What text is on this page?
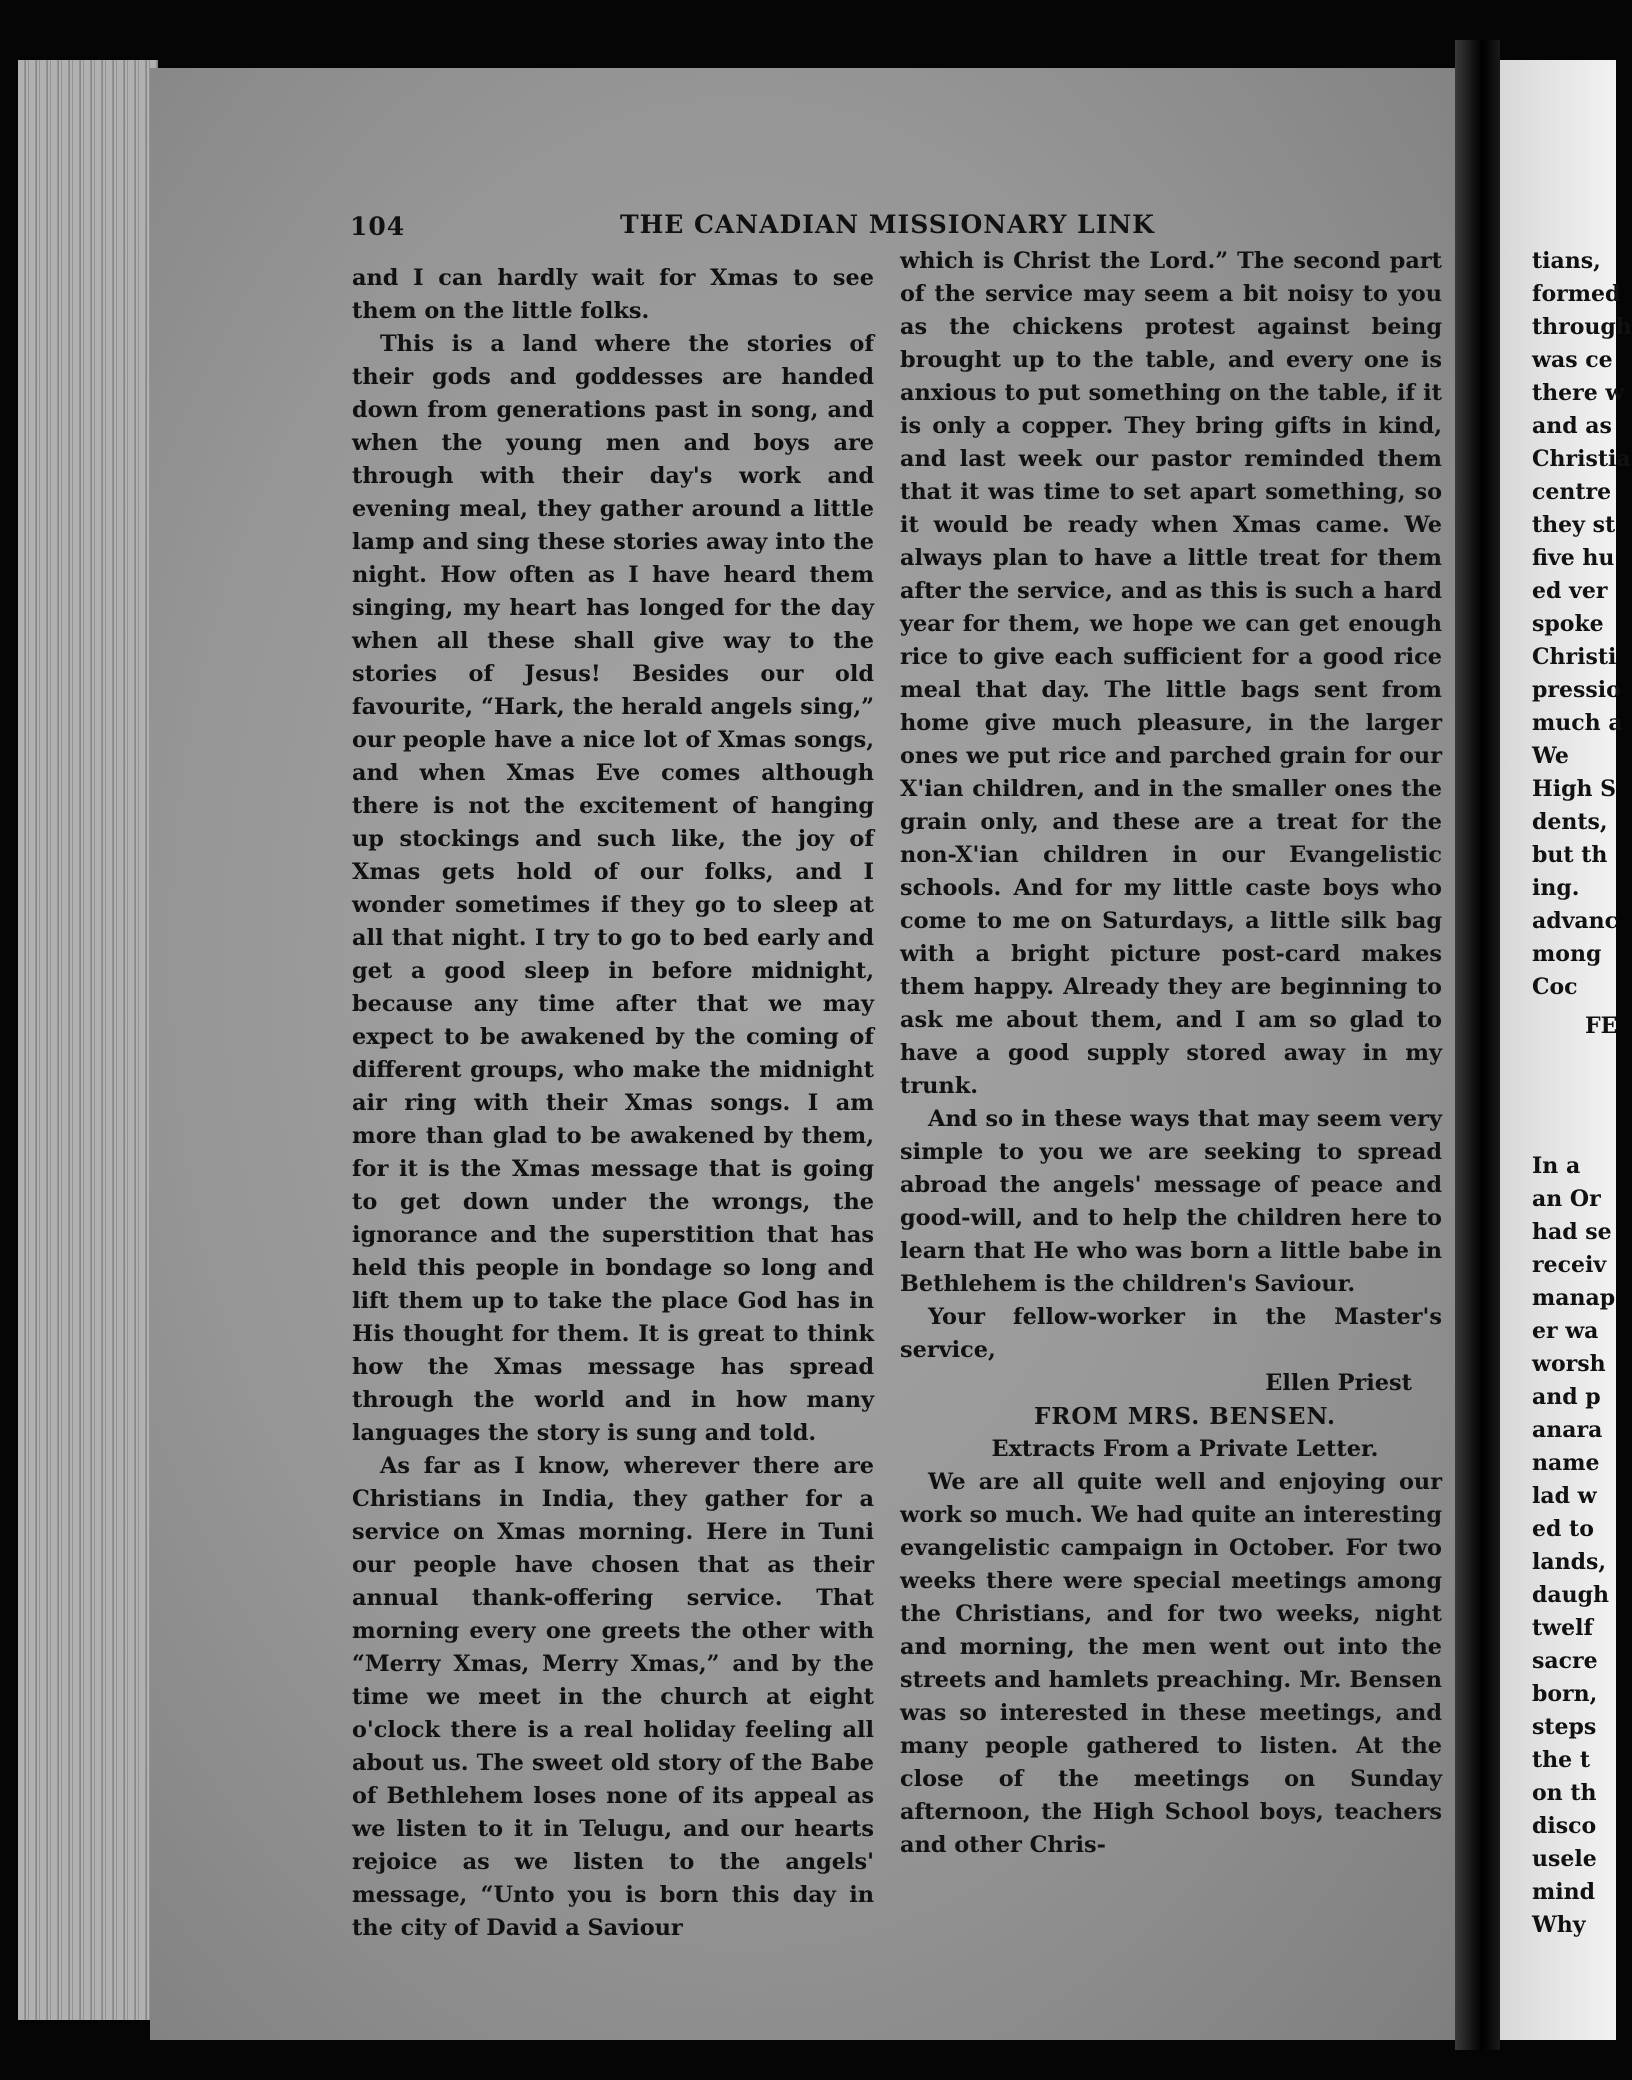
104	THE CANADIAN MISSIONARY LINK

and I can hardly wait for Xmas to see them on the little folks.

This is a land where the stories of their gods and goddesses are handed down from generations past in song, and when the young men and boys are through with their day's work and evening meal, they gather around a little lamp and sing these stories away into the night. How often as I have heard them singing, my heart has longed for the day when all these shall give way to the stories of Jesus! Besides our old favourite, “Hark, the herald angels sing,” our people have a nice lot of Xmas songs, and when Xmas Eve comes although there is not the excitement of hanging up stockings and such like, the joy of Xmas gets hold of our folks, and I wonder sometimes if they go to sleep at all that night. I try to go to bed early and get a good sleep in before midnight, because any time after that we may expect to be awakened by the coming of different groups, who make the midnight air ring with their Xmas songs. I am more than glad to be awakened by them, for it is the Xmas message that is going to get down under the wrongs, the ignorance and the superstition that has held this people in bondage so long and lift them up to take the place God has in His thought for them. It is great to think how the Xmas message has spread through the world and in how many languages the story is sung and told.

As far as I know, wherever there are Christians in India, they gather for a service on Xmas morning. Here in Tuni our people have chosen that as their annual thank-offering service. That morning every one greets the other with “Merry Xmas, Merry Xmas,” and by the time we meet in the church at eight o'clock there is a real holiday feeling all about us. The sweet old story of the Babe of Bethlehem loses none of its appeal as we listen to it in Telugu, and our hearts rejoice as we listen to the angels' message, “Unto you is born this day in the city of David a Saviour

which is Christ the Lord.” The second part of the service may seem a bit noisy to you as the chickens protest against being brought up to the table, and every one is anxious to put something on the table, if it is only a copper. They bring gifts in kind, and last week our pastor reminded them that it was time to set apart something, so it would be ready when Xmas came. We always plan to have a little treat for them after the service, and as this is such a hard year for them, we hope we can get enough rice to give each sufficient for a good rice meal that day. The little bags sent from home give much pleasure, in the larger ones we put rice and parched grain for our X'ian children, and in the smaller ones the grain only, and these are a treat for the non-X'ian children in our Evangelistic schools. And for my little caste boys who come to me on Saturdays, a little silk bag with a bright picture post-card makes them happy. Already they are beginning to ask me about them, and I am so glad to have a good supply stored away in my trunk.

And so in these ways that may seem very simple to you we are seeking to spread abroad the angels' message of peace and good-will, and to help the children here to learn that He who was born a little babe in Bethlehem is the children's Saviour.

Your fellow-worker in the Master's service,

Ellen Priest

FROM MRS. BENSEN.

Extracts From a Private Letter.

We are all quite well and enjoying our work so much. We had quite an interesting evangelistic campaign in October. For two weeks there were special meetings among the Christians, and for two weeks, night and morning, the men went out into the streets and hamlets preaching. Mr. Bensen was so interested in these meetings, and many people gathered to listen. At the close of the meetings on Sunday afternoon, the High School boys, teachers and other Chris-

tians,
formed
through
was ce
there w
and as
Christia
centre
they st
five hu
ed ver
spoke
Christi
pressio
much a
We
High S
dents,
but th
ing.
advanc
mong
Coc
FE
In a
an Or
had se
receiv
manap
er wa
worsh
and p
anara
name
lad w
ed to
lands,
daugh
twelf
sacre
born,
steps
the t
on th
disco
usele
mind
Why
